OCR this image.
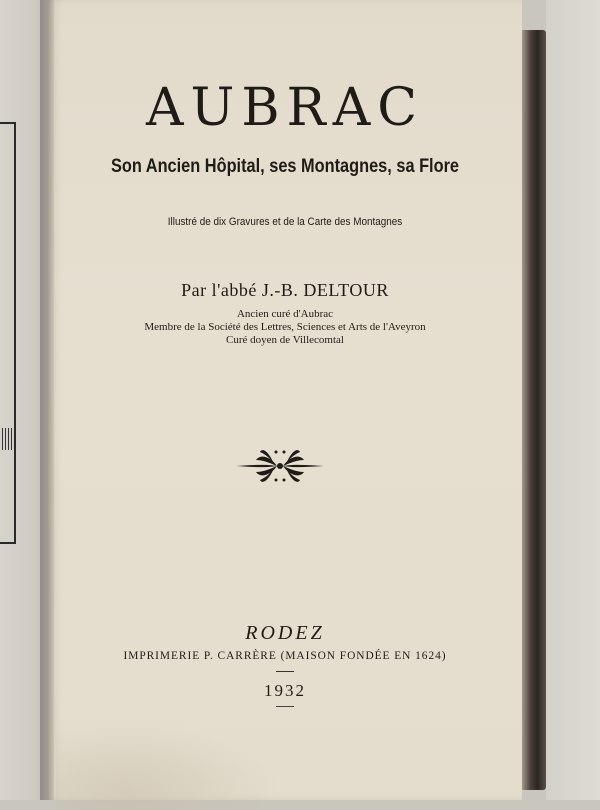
AUBRAC
Son Ancien Hôpital, ses Montagnes, sa Flore
Illustré de dix Gravures et de la Carte des Montagnes
Par l'abbé J.-B. DELTOUR
Ancien curé d'Aubrac
Membre de la Société des Lettres, Sciences et Arts de l'Aveyron
Curé doyen de Villecomtal
RODEZ
IMPRIMERIE P. CARRÈRE (MAISON FONDÉE EN 1624)
1932
